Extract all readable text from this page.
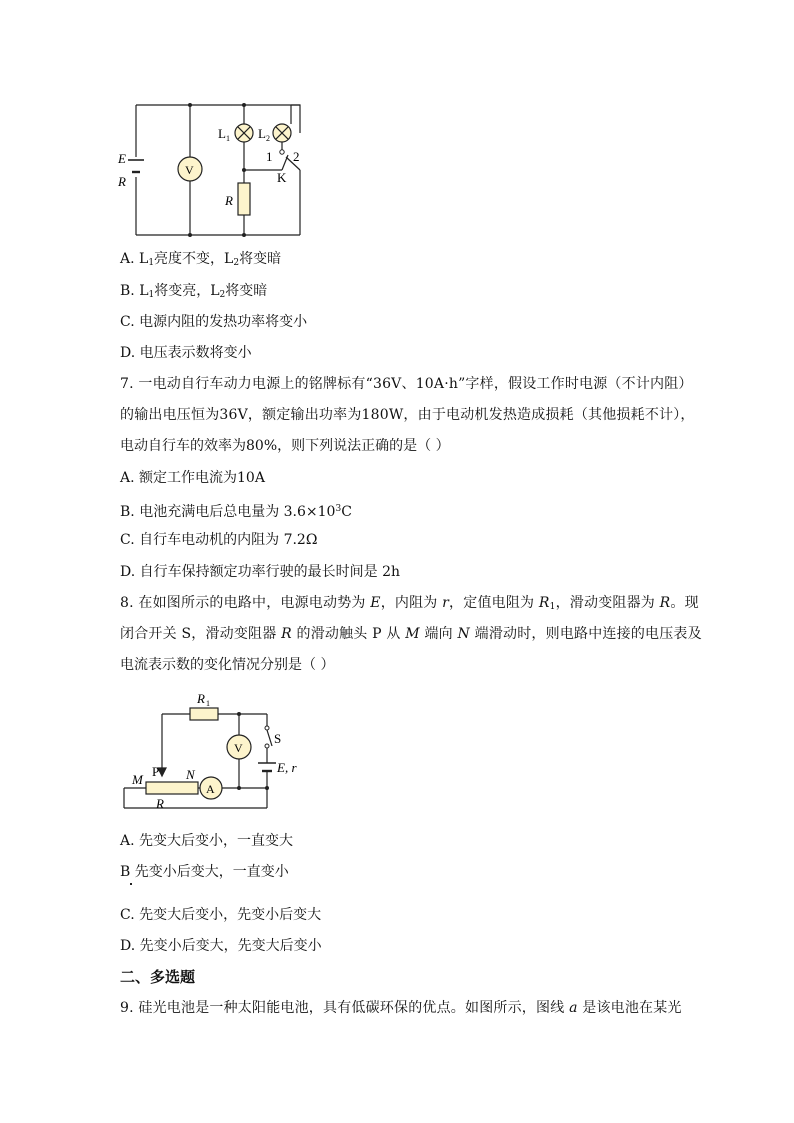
E
R
V
L 1 L 2
1 2
K
R
A. $L_1$亮度不变，$L_2$将变暗
B. $L_1$将变亮，$L_2$将变暗
C. 电源内阻的发热功率将变小
D. 电压表示数将变小
7. 一电动自行车动力电源上的铭牌标有“36V、10A·h”字样，假设工作时电源（不计内阻）
的输出电压恒为36V，额定输出功率为180W，由于电动机发热造成损耗（其他损耗不计），
电动自行车的效率为80%，则下列说法正确的是（ ）
A. 额定工作电流为10A
B. 电池充满电后总电量为 $3.6\times 10^3C$
C. 自行车电动机的内阻为 7.2Ω
D. 自行车保持额定功率行驶的最长时间是 2h
8. 在如图所示的电路中，电源电动势为 E，内阻为 r，定值电阻为 $R_1$，滑动变阻器为 R。现
闭合开关 S，滑动变阻器 R 的滑动触头 P 从 M 端向 N 端滑动时，则电路中连接的电压表及
电流表示数的变化情况分别是（ ）
R 1
V
S
E, r
M
P N
A
R
A. 先变大后变小，一直变大
B 先变小后变大，一直变小
C. 先变大后变小，先变小后变大
D. 先变小后变大，先变大后变小
二、多选题
9. 硅光电池是一种太阳能电池，具有低碳环保的优点。如图所示，图线 a 是该电池在某光
